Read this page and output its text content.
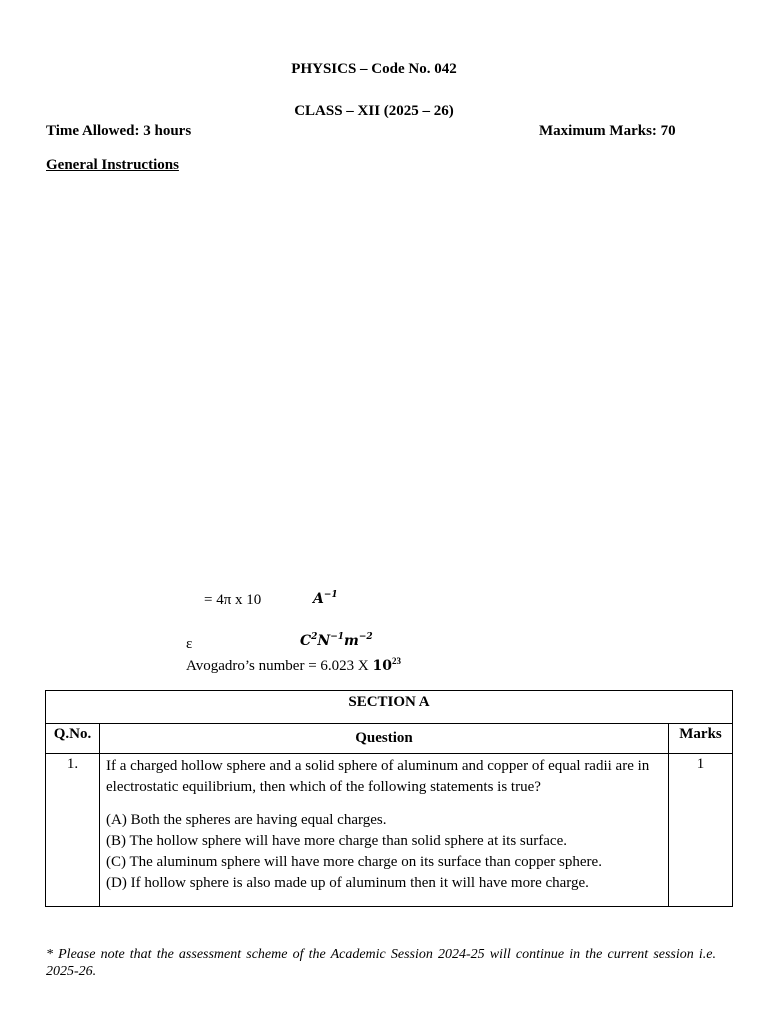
PHYSICS – Code No. 042
CLASS – XII (2025 – 26)
Time Allowed: 3 hours	Maximum Marks: 70
General Instructions
= 4π x 10	$A^{-1}$
ε	$C^2N^{-1}m^{-2}$
Avogadro’s number = 6.023 X $10^{23}$
SECTION A		
Q.No.	Question	Marks
1.	If a charged hollow sphere and a solid sphere of aluminum and copper of equal radii are in electrostatic equilibrium, then which of the following statements is true?

(A) Both the spheres are having equal charges.

(B) The hollow sphere will have more charge than solid sphere at its surface.

(C) The aluminum sphere will have more charge on its surface than copper sphere.

(D) If hollow sphere is also made up of aluminum then it will have more charge.	1
* Please note that the assessment scheme of the Academic Session 2024-25 will continue in the current session i.e. 2025-26.
